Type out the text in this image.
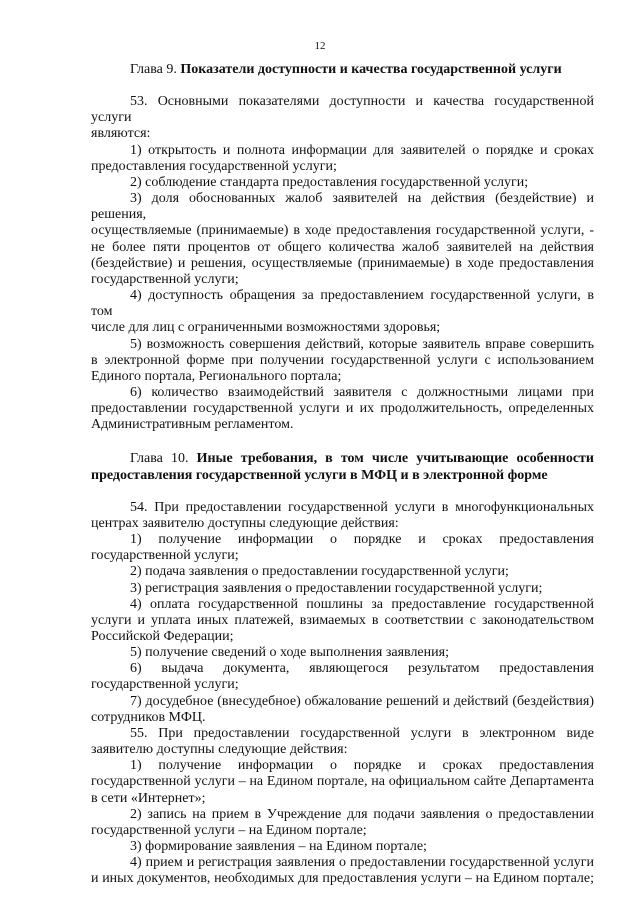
12

Глава 9. Показатели доступности и качества государственной услуги

53. Основными показателями доступности и качества государственной услуги

являются:

1) открытость и полнота информации для заявителей о порядке и сроках

предоставления государственной услуги;

2) соблюдение стандарта предоставления государственной услуги;

3) доля обоснованных жалоб заявителей на действия (бездействие) и решения,

осуществляемые (принимаемые) в ходе предоставления государственной услуги, -

не более пяти процентов от общего количества жалоб заявителей на действия

(бездействие) и решения, осуществляемые (принимаемые) в ходе предоставления

государственной услуги;

4) доступность обращения за предоставлением государственной услуги, в том

числе для лиц с ограниченными возможностями здоровья;

5) возможность совершения действий, которые заявитель вправе совершить

в электронной форме при получении государственной услуги с использованием

Единого портала, Регионального портала;

6) количество взаимодействий заявителя с должностными лицами при

предоставлении государственной услуги и их продолжительность, определенных

Административным регламентом.

Глава 10. Иные требования, в том числе учитывающие особенности

предоставления государственной услуги в МФЦ и в электронной форме

54. При предоставлении государственной услуги в многофункциональных

центрах заявителю доступны следующие действия:

1) получение информации о порядке и сроках предоставления

государственной услуги;

2) подача заявления о предоставлении государственной услуги;

3) регистрация заявления о предоставлении государственной услуги;

4) оплата государственной пошлины за предоставление государственной

услуги и уплата иных платежей, взимаемых в соответствии с законодательством

Российской Федерации;

5) получение сведений о ходе выполнения заявления;

6) выдача документа, являющегося результатом предоставления

государственной услуги;

7) досудебное (внесудебное) обжалование решений и действий (бездействия)

сотрудников МФЦ.

55. При предоставлении государственной услуги в электронном виде

заявителю доступны следующие действия:

1) получение информации о порядке и сроках предоставления

государственной услуги – на Едином портале, на официальном сайте Департамента

в сети «Интернет»;

2) запись на прием в Учреждение для подачи заявления о предоставлении

государственной услуги – на Едином портале;

3) формирование заявления – на Едином портале;

4) прием и регистрация заявления о предоставлении государственной услуги

и иных документов, необходимых для предоставления услуги – на Едином портале;
